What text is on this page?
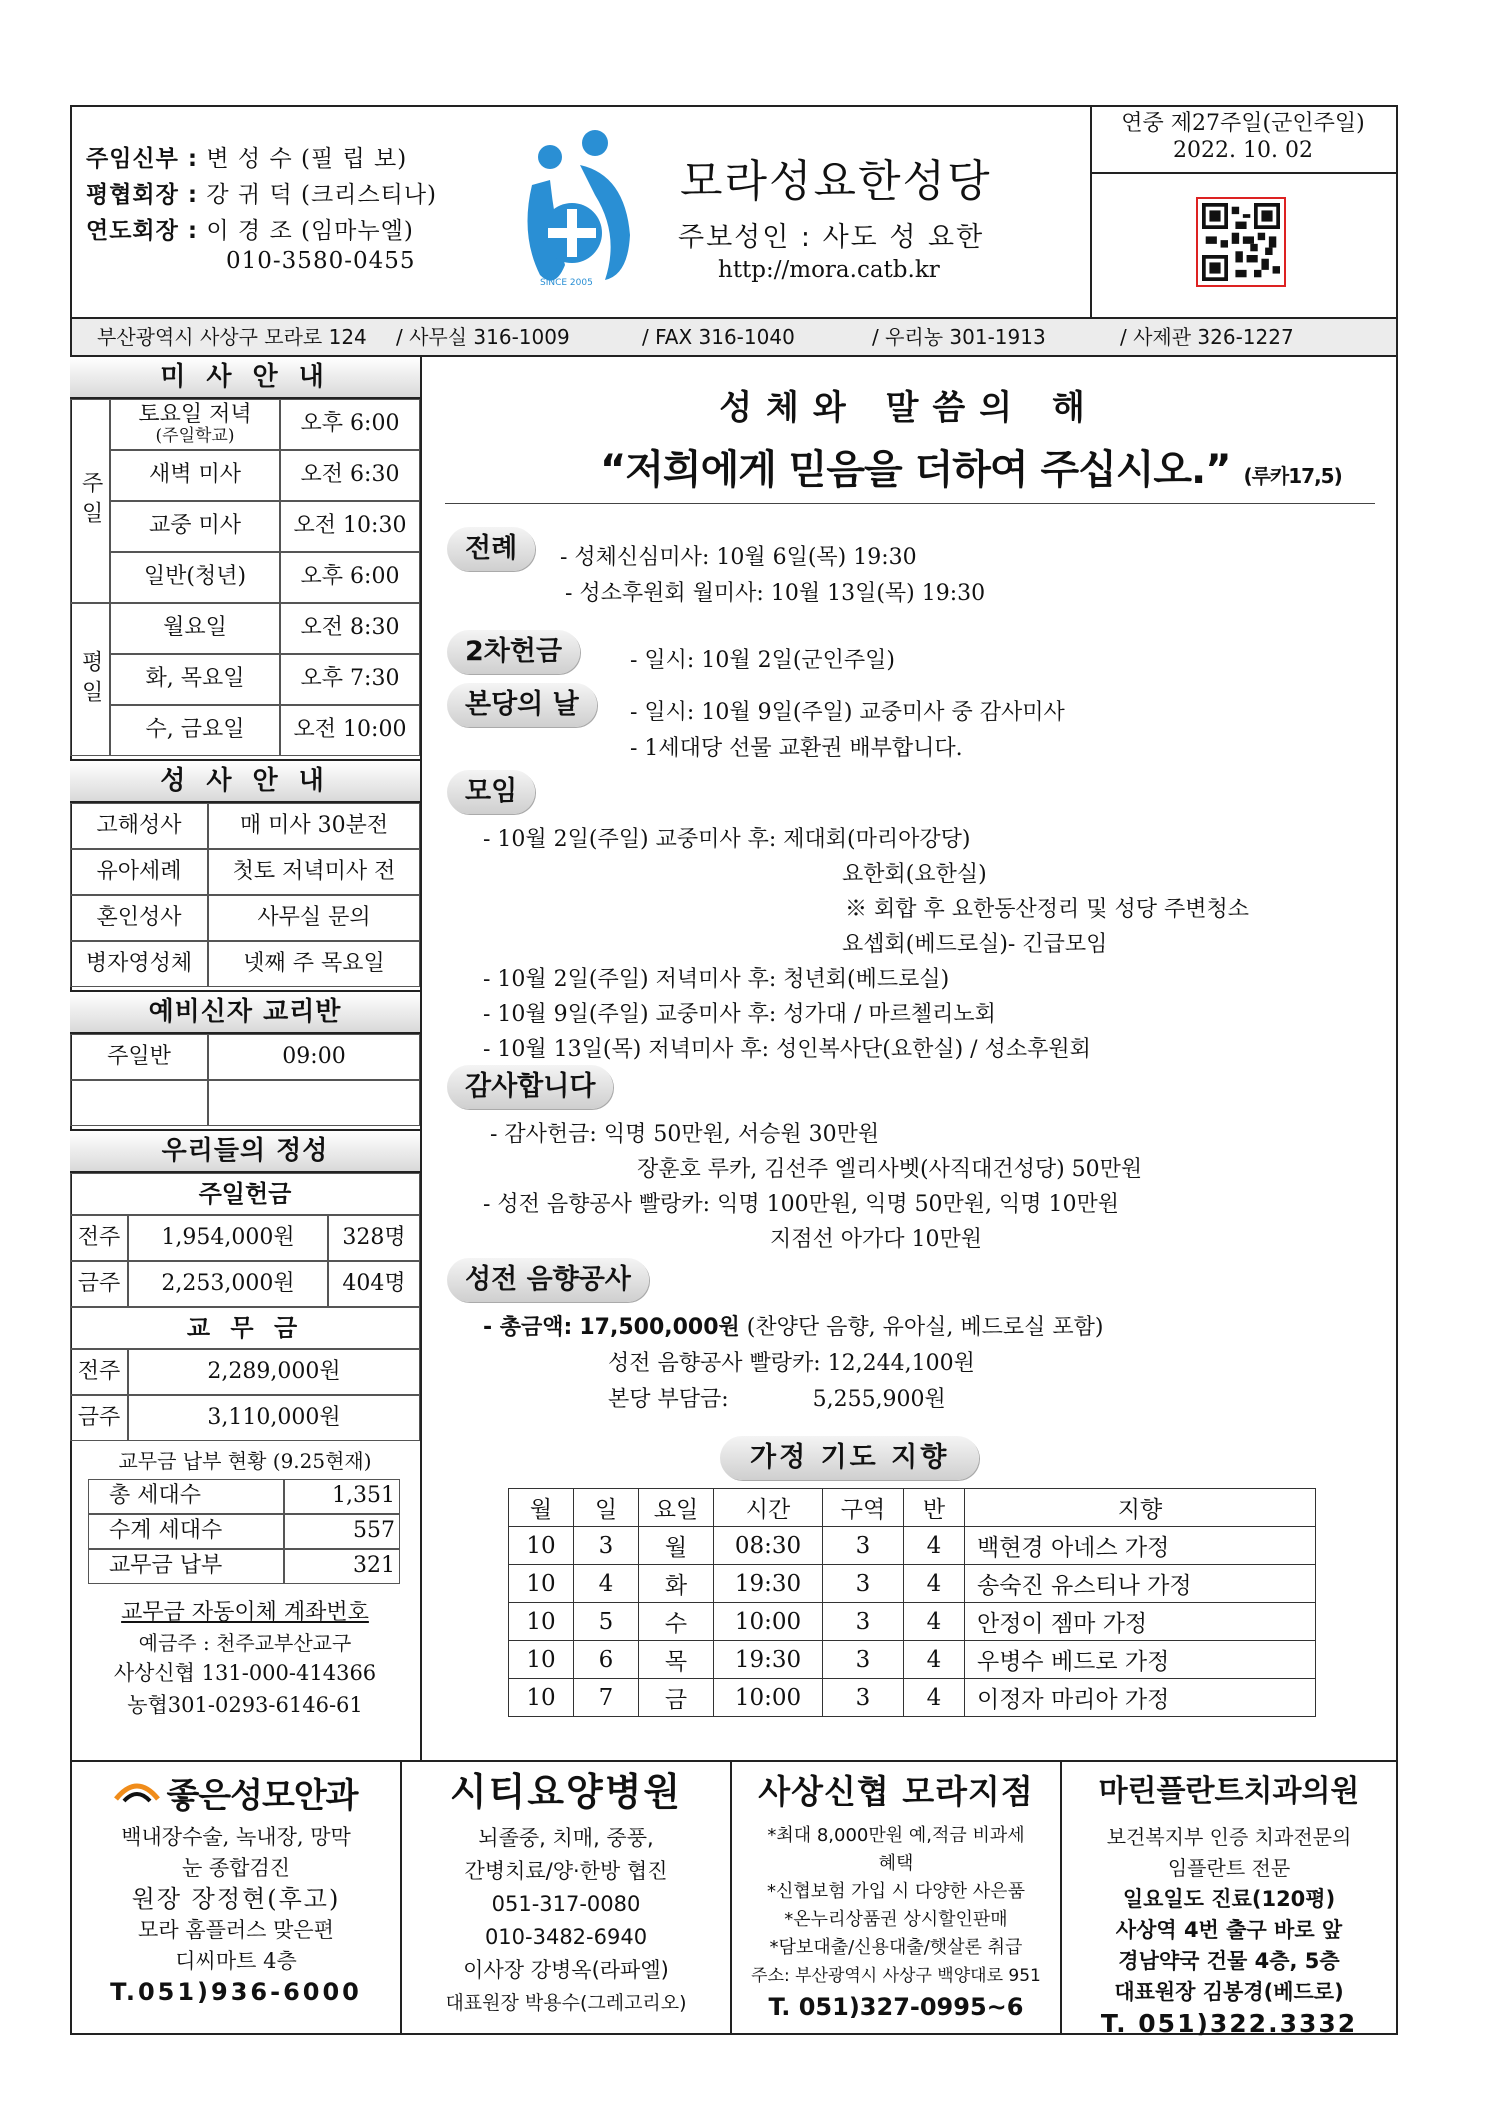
주임신부 : 변 성 수 (필 립 보)
평협회장 : 강 귀 덕 (크리스티나)
연도회장 : 이 경 조 (임마누엘)
010-3580-0455
SINCE 2005
모라성요한성당
주보성인 : 사도 성 요한
http://mora.catb.kr
연중 제27주일(군인주일)
2022. 10. 02
부산광역시 사상구 모라로 124 / 사무실 316-1009	/ FAX 316-1040	/ 우리농 301-1913	/ 사제관 326-1227
미 사 안 내
주일
토요일 저녁
(주일학교)	오후 6:00
새벽 미사	오전 6:30
교중 미사	오전 10:30
일반(청년)	오후 6:00
평일
월요일	오전 8:30
화, 목요일	오후 7:30
수, 금요일	오전 10:00
성 사 안 내
고해성사	매 미사 30분전
유아세례	첫토 저녁미사 전
혼인성사	사무실 문의
병자영성체	넷째 주 목요일
예비신자 교리반
주일반	09:00
우리들의 정성
주일헌금
전주	1,954,000원	328명
금주	2,253,000원	404명
교 무 금
전주	2,289,000원
금주	3,110,000원
교무금 납부 현황 (9.25현재)
총 세대수	1,351
수계 세대수	557
교무금 납부	321
교무금 자동이체 계좌번호
예금주 : 천주교부산교구
사상신협 131-000-414366
농협301-0293-6146-61
성체와 말씀의 해
“저희에게 믿음을 더하여 주십시오.” (루카17,5)
전례	- 성체신심미사: 10월 6일(목) 19:30
- 성소후원회 월미사: 10월 13일(목) 19:30
2차헌금	- 일시: 10월 2일(군인주일)
본당의 날	- 일시: 10월 9일(주일) 교중미사 중 감사미사
- 1세대당 선물 교환권 배부합니다.
모임
- 10월 2일(주일) 교중미사 후: 제대회(마리아강당)
요한회(요한실)
※ 회합 후 요한동산정리 및 성당 주변청소
요셉회(베드로실)- 긴급모임
- 10월 2일(주일) 저녁미사 후: 청년회(베드로실)
- 10월 9일(주일) 교중미사 후: 성가대 / 마르첼리노회
- 10월 13일(목) 저녁미사 후: 성인복사단(요한실) / 성소후원회
감사합니다
- 감사헌금: 익명 50만원, 서승원 30만원
장훈호 루카, 김선주 엘리사벳(사직대건성당) 50만원
- 성전 음향공사 빨랑카: 익명 100만원, 익명 50만원, 익명 10만원
지점선 아가다 10만원
성전 음향공사
- 총금액: 17,500,000원 (찬양단 음향, 유아실, 베드로실 포함)
성전 음향공사 빨랑카: 12,244,100원
본당 부담금:            5,255,900원
가정 기도 지향
월	일	요일	시간	구역	반	지향
10	3	월	08:30	3	4	백현경 아네스 가정
10	4	화	19:30	3	4	송숙진 유스티나 가정
10	5	수	10:00	3	4	안정이 젬마 가정
10	6	목	19:30	3	4	우병수 베드로 가정
10	7	금	10:00	3	4	이정자 마리아 가정
좋은성모안과
백내장수술, 녹내장, 망막
눈 종합검진
원장 장정현(후고)
모라 홈플러스 맞은편
디씨마트 4층
T.051)936-6000
시티요양병원
뇌졸중, 치매, 중풍,
간병치료/양·한방 협진
051-317-0080
010-3482-6940
이사장 강병옥(라파엘)
대표원장 박용수(그레고리오)
사상신협 모라지점
*최대 8,000만원 예,적금 비과세
혜택
*신협보험 가입 시 다양한 사은품
*온누리상품권 상시할인판매
*담보대출/신용대출/햇살론 취급
주소: 부산광역시 사상구 백양대로 951
T. 051)327-0995~6
마린플란트치과의원
보건복지부 인증 치과전문의
임플란트 전문
일요일도 진료(120평)
사상역 4번 출구 바로 앞
경남약국 건물 4층, 5층
대표원장 김봉경(베드로)
T. 051)322.3332
